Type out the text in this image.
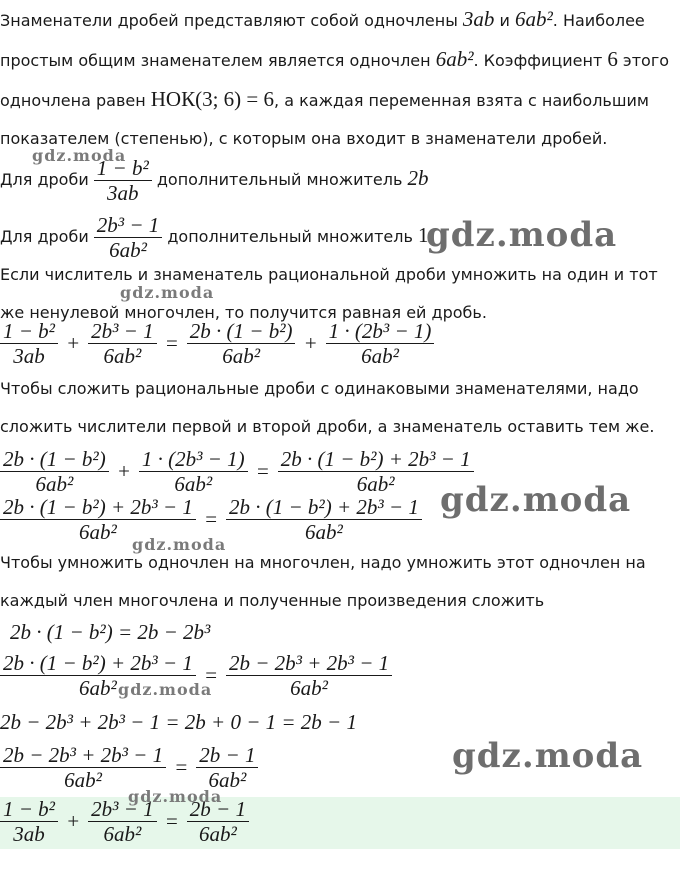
Знаменатели дробей представляют собой одночлены 3ab и 6ab². Наиболее простым общим знаменателем является одночлен 6ab². Коэффициент 6 этого одночлена равен НОК(3; 6) = 6, а каждая переменная взята с наибольшим показателем (степенью), с которым она входит в знаменатели дробей.

Для дроби $\frac{\text{1 − b²}}{3ab}$ дополнительный множитель 2b
Для дроби $\frac{\text{2b³ − 1}}{\text{6ab²}}$ дополнительный множитель 1

Если числитель и знаменатель рациональной дроби умножить на один и тот же ненулевой многочлен, то получится равная ей дробь.

$\frac{\text{1 − b²}}{3ab} + \frac{\text{2b³ − 1}}{\text{6ab²}} = \frac{\text{2b · (1 − b²)}}{\text{6ab²}} + \frac{\text{1 · (2b³ − 1)}}{\text{6ab²}}$

Чтобы сложить рациональные дроби с одинаковыми знаменателями, надо сложить числители первой и второй дроби, а знаменатель оставить тем же.

$\frac{\text{2b · (1 − b²)}}{\text{6ab²}} + \frac{\text{1 · (2b³ − 1)}}{\text{6ab²}} = \frac{\text{2b · (1 − b²) + 2b³ − 1}}{\text{6ab²}}$
$\frac{\text{2b · (1 − b²) + 2b³ − 1}}{\text{6ab²}} = \frac{\text{2b · (1 − b²) + 2b³ − 1}}{\text{6ab²}}$

Чтобы умножить одночлен на многочлен, надо умножить этот одночлен на каждый член многочлена и полученные произведения сложить

2b · (1 − b²) = 2b − 2b³
$\frac{\text{2b · (1 − b²) + 2b³ − 1}}{\text{6ab²}} = \frac{\text{2b − 2b³ + 2b³ − 1}}{\text{6ab²}}$
2b − 2b³ + 2b³ − 1 = 2b + 0 − 1 = 2b − 1
$\frac{\text{2b − 2b³ + 2b³ − 1}}{\text{6ab²}} = \frac{2b - 1}{\text{6ab²}}$
$\frac{\text{1 − b²}}{3ab} + \frac{\text{2b³ − 1}}{\text{6ab²}} = \frac{2b - 1}{\text{6ab²}}$
gdz.moda
gdz.moda
gdz.moda
gdz.moda
gdz.moda
gdz.moda
gdz.moda
gdz.moda
